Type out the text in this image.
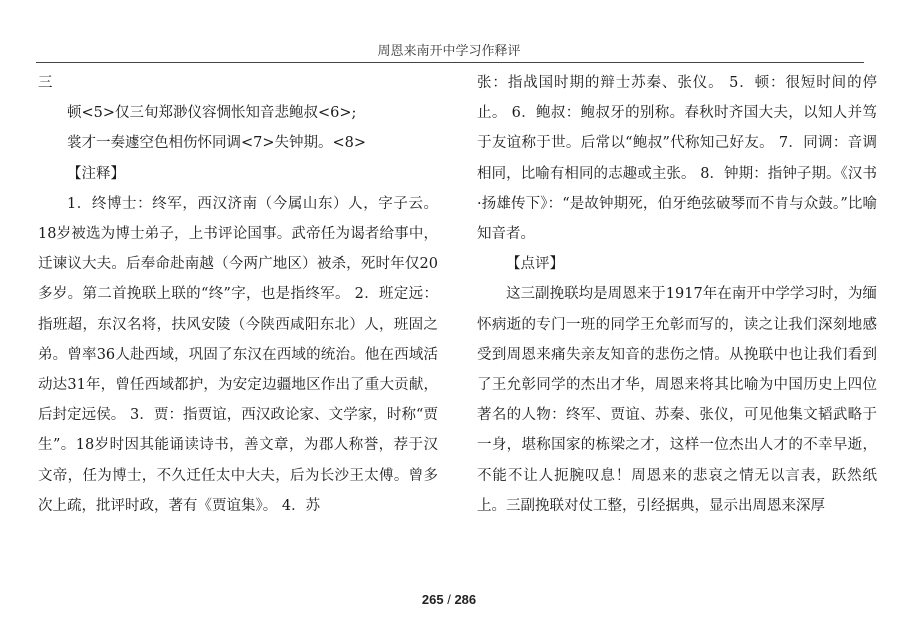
周恩来南开中学习作释评

三

顿<5>仅三旬郑渺仪容惆怅知音悲鲍叔<6>;

裳才一奏遽空色相伤怀同调<7>失钟期。<8>

【注释】

1．终博士：终军，西汉济南（今属山东）人，字子云。18岁被选为博士弟子，上书评论国事。武帝任为谒者给事中，迁谏议大夫。后奉命赴南越（今两广地区）被杀，死时年仅20多岁。第二首挽联上联的“终”字，也是指终军。 2．班定远：指班超，东汉名将，扶风安陵（今陕西咸阳东北）人，班固之弟。曾率36人赴西域，巩固了东汉在西域的统治。他在西域活动达31年，曾任西域都护，为安定边疆地区作出了重大贡献，后封定远侯。 3．贾：指贾谊，西汉政论家、文学家，时称“贾生”。18岁时因其能诵读诗书，善文章，为郡人称誉，荐于汉文帝，任为博士，不久迁任太中大夫，后为长沙王太傅。曾多次上疏，批评时政，著有《贾谊集》。 4．苏

张：指战国时期的辩士苏秦、张仪。 5．顿：很短时间的停止。 6．鲍叔：鲍叔牙的别称。春秋时齐国大夫，以知人并笃于友谊称于世。后常以“鲍叔”代称知己好友。 7．同调：音调相同，比喻有相同的志趣或主张。 8．钟期：指钟子期。《汉书·扬雄传下》：“是故钟期死，伯牙绝弦破琴而不肯与众鼓。”比喻知音者。

【点评】

这三副挽联均是周恩来于1917年在南开中学学习时，为缅怀病逝的专门一班的同学王允彰而写的，读之让我们深刻地感受到周恩来痛失亲友知音的悲伤之情。从挽联中也让我们看到了王允彰同学的杰出才华，周恩来将其比喻为中国历史上四位著名的人物：终军、贾谊、苏秦、张仪，可见他集文韬武略于一身，堪称国家的栋梁之才，这样一位杰出人才的不幸早逝，不能不让人扼腕叹息！周恩来的悲哀之情无以言表，跃然纸上。三副挽联对仗工整，引经据典，显示出周恩来深厚

265 / 286
